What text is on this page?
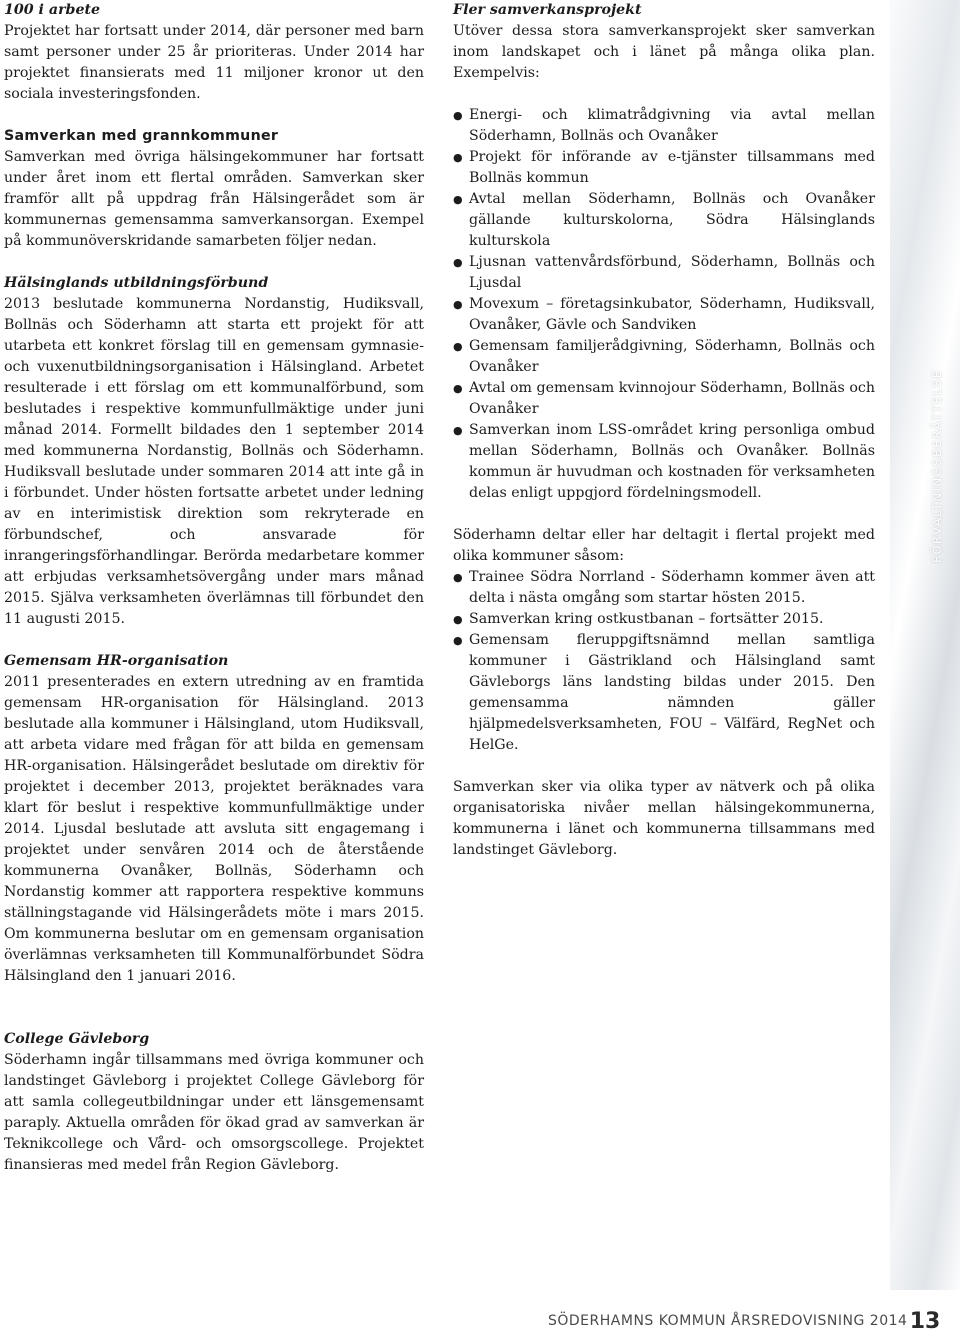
FÖRVALTNINGSBERÄTTELSE
100 i arbete

Projektet har fortsatt under 2014, där personer med barn samt personer under 25 år prioriteras. Under 2014 har projektet finansierats med 11 miljoner kronor ut den sociala investeringsfonden.

Samverkan med grannkommuner

Samverkan med övriga hälsingekommuner har fortsatt under året inom ett flertal områden. Samverkan sker framför allt på uppdrag från Hälsingerådet som är kommunernas gemensamma samverkansorgan. Exempel på kommunöverskridande samarbeten följer nedan.

Hälsinglands utbildningsförbund

2013 beslutade kommunerna Nordanstig, Hudiksvall, Bollnäs och Söderhamn att starta ett projekt för att utarbeta ett konkret förslag till en gemensam gymnasie- och vuxenutbildningsorganisation i Hälsingland. Arbetet resulterade i ett förslag om ett kommunalförbund, som beslutades i respektive kommunfullmäktige under juni månad 2014. Formellt bildades den 1 september 2014 med kommunerna Nordanstig, Bollnäs och Söderhamn. Hudiksvall beslutade under sommaren 2014 att inte gå in i förbundet. Under hösten fortsatte arbetet under ledning av en interimistisk direktion som rekryterade en förbundschef, och ansvarade för inrangeringsförhandlingar. Berörda medarbetare kommer att erbjudas verksamhetsövergång under mars månad 2015. Själva verksamheten överlämnas till förbundet den 11 augusti 2015.

Gemensam HR-organisation

2011 presenterades en extern utredning av en framtida gemensam HR-organisation för Hälsingland. 2013 beslutade alla kommuner i Hälsingland, utom Hudiksvall, att arbeta vidare med frågan för att bilda en gemensam HR-organisation. Hälsingerådet beslutade om direktiv för projektet i december 2013, projektet beräknades vara klart för beslut i respektive kommunfullmäktige under 2014. Ljusdal beslutade att avsluta sitt engagemang i projektet under senvåren 2014 och de återstående kommunerna Ovanåker, Bollnäs, Söderhamn och Nordanstig kommer att rapportera respektive kommuns ställningstagande vid Hälsingerådets möte i mars 2015. Om kommunerna beslutar om en gemensam organisation överlämnas verksamheten till Kommunalförbundet Södra Hälsingland den 1 januari 2016.

College Gävleborg

Söderhamn ingår tillsammans med övriga kommuner och landstinget Gävleborg i projektet College Gävleborg för att samla collegeutbildningar under ett länsgemensamt paraply. Aktuella områden för ökad grad av samverkan är Teknikcollege och Vård- och omsorgscollege. Projektet finansieras med medel från Region Gävleborg.

Fler samverkansprojekt

Utöver dessa stora samverkansprojekt sker samverkan inom landskapet och i länet på många olika plan. Exempelvis:

● Energi- och klimatrådgivning via avtal mellan Söderhamn, Bollnäs och Ovanåker
● Projekt för införande av e-tjänster tillsammans med Bollnäs kommun
● Avtal mellan Söderhamn, Bollnäs och Ovanåker gällande kulturskolorna, Södra Hälsinglands kulturskola
● Ljusnan vattenvårdsförbund, Söderhamn, Bollnäs och Ljusdal
● Movexum – företagsinkubator, Söderhamn, Hudiksvall, Ovanåker, Gävle och Sandviken
● Gemensam familjerådgivning, Söderhamn, Bollnäs och Ovanåker
● Avtal om gemensam kvinnojour Söderhamn, Bollnäs och Ovanåker
● Samverkan inom LSS-området kring personliga ombud mellan Söderhamn, Bollnäs och Ovanåker. Bollnäs kommun är huvudman och kostnaden för verksamheten delas enligt uppgjord fördelningsmodell.

Söderhamn deltar eller har deltagit i flertal projekt med olika kommuner såsom:

● Trainee Södra Norrland - Söderhamn kommer även att delta i nästa omgång som startar hösten 2015.
● Samverkan kring ostkustbanan – fortsätter 2015.
● Gemensam fleruppgiftsnämnd mellan samtliga kommuner i Gästrikland och Hälsingland samt Gävleborgs läns landsting bildas under 2015. Den gemensamma nämnden gäller hjälpmedelsverksamheten, FOU – Välfärd, RegNet och HelGe.

Samverkan sker via olika typer av nätverk och på olika organisatoriska nivåer mellan hälsingekommunerna, kommunerna i länet och kommunerna tillsammans med landstinget Gävleborg.

SÖDERHAMNS KOMMUN ÅRSREDOVISNING 2014 13
